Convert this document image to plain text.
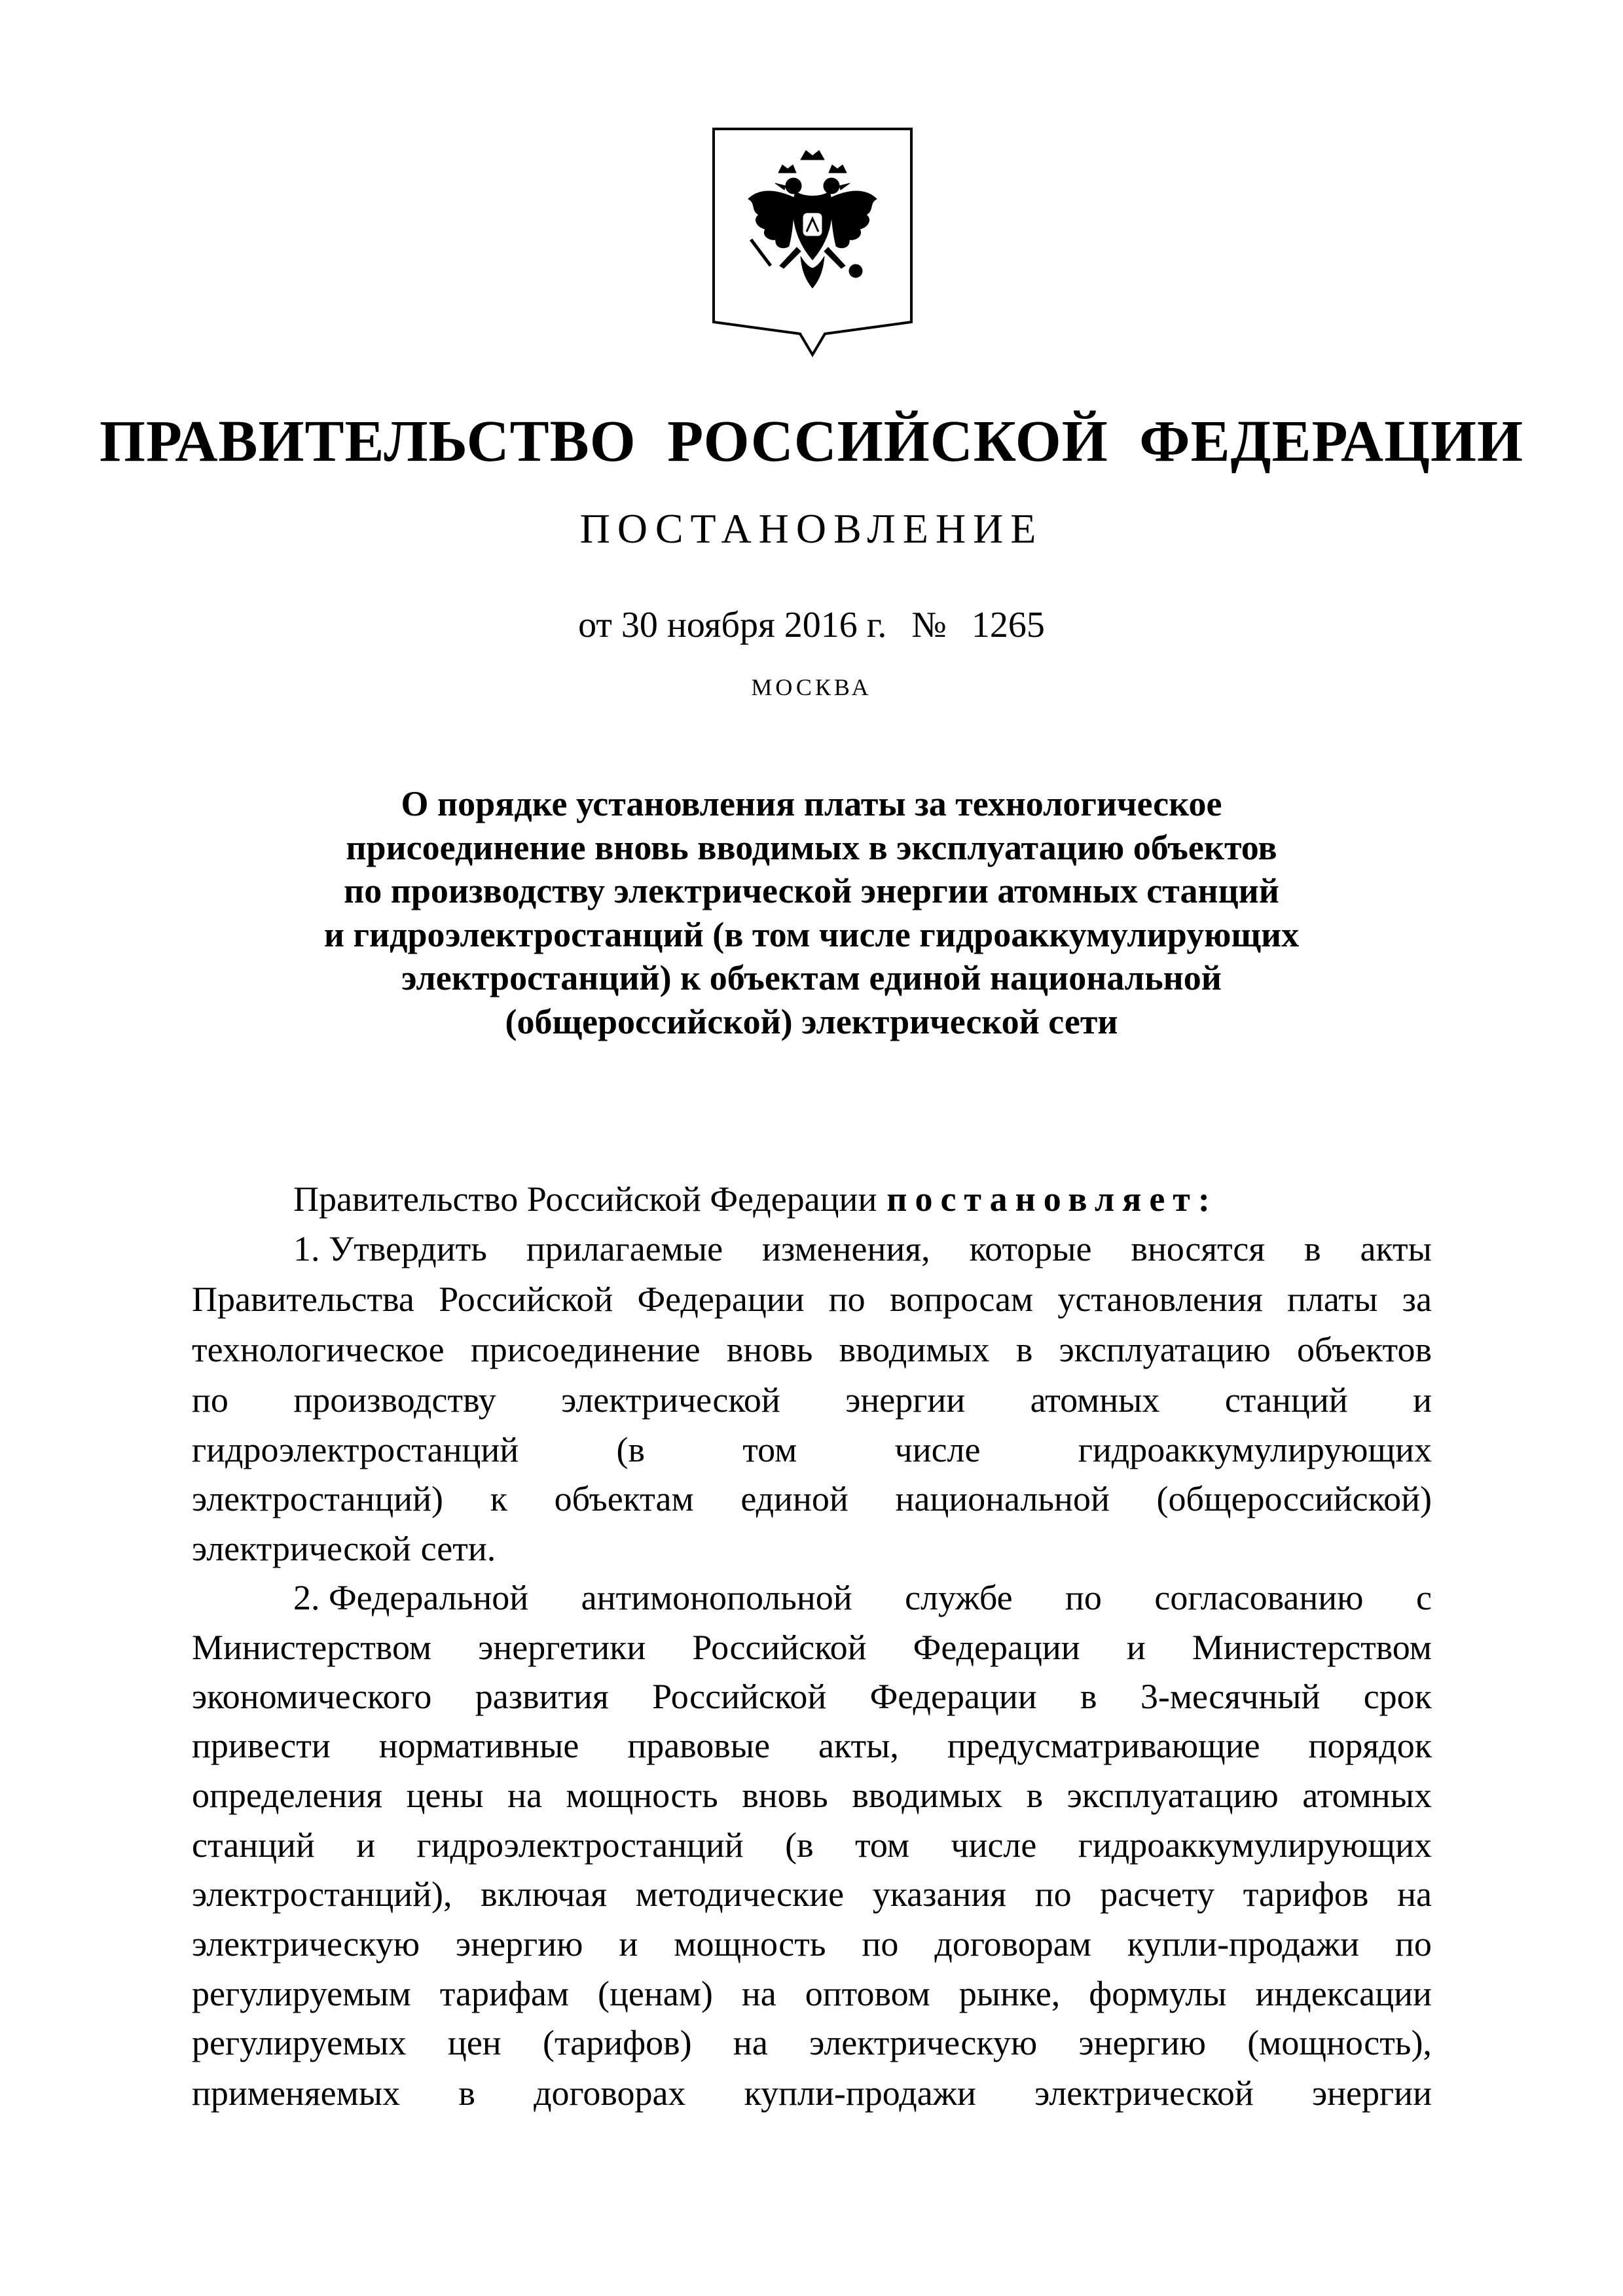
ПРАВИТЕЛЬСТВО РОССИЙСКОЙ ФЕДЕРАЦИИ
ПОСТАНОВЛЕНИЕ
от 30 ноября 2016 г. № 1265
МОСКВА
О порядке установления платы за технологическое
присоединение вновь вводимых в эксплуатацию объектов
по производству электрической энергии атомных станций
и гидроэлектростанций (в том числе гидроаккумулирующих
электростанций) к объектам единой национальной
(общероссийской) электрической сети
Правительство Российской Федерации постановляет:
1. Утвердить прилагаемые изменения, которые вносятся в акты
Правительства Российской Федерации по вопросам установления платы за
технологическое присоединение вновь вводимых в эксплуатацию объектов
по производству электрической энергии атомных станций и
гидроэлектростанций	(в	том	числе	гидроаккумулирующих
электростанций) к объектам единой национальной (общероссийской)
электрической сети.
2. Федеральной антимонопольной службе по согласованию с
Министерством энергетики Российской Федерации и Министерством
экономического развития Российской Федерации в 3-месячный срок
привести нормативные правовые акты, предусматривающие порядок
определения цены на мощность вновь вводимых в эксплуатацию атомных
станций и гидроэлектростанций (в том числе гидроаккумулирующих
электростанций), включая методические указания по расчету тарифов на
электрическую энергию и мощность по договорам купли-продажи по
регулируемым тарифам (ценам) на оптовом рынке, формулы индексации
регулируемых цен (тарифов) на электрическую энергию (мощность),
применяемых в договорах купли-продажи электрической энергии
